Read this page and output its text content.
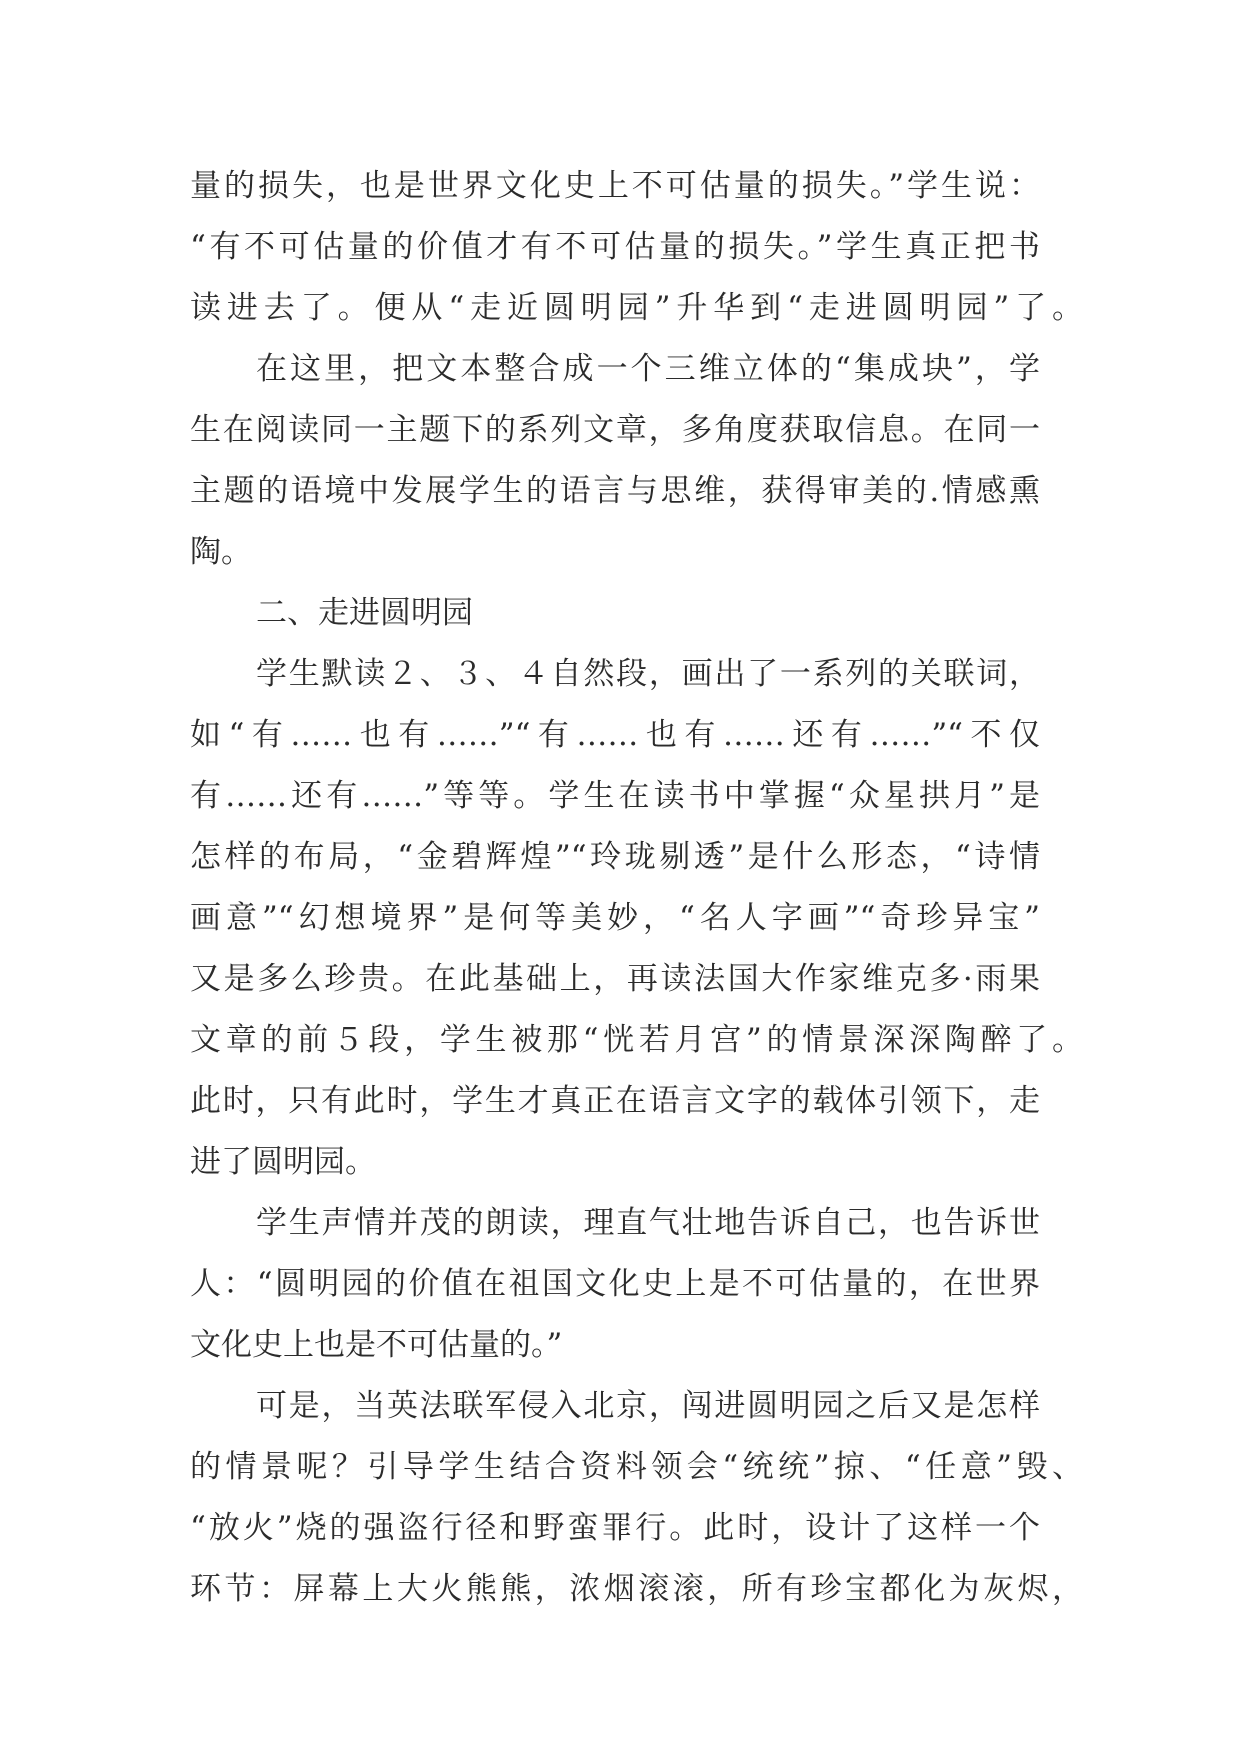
量的损失，也是世界文化史上不可估量的损失。”学生说：
“有不可估量的价值才有不可估量的损失。”学生真正把书
读进去了。便从“走近圆明园”升华到“走进圆明园”了。
在这里，把文本整合成一个三维立体的“集成块”，学
生在阅读同一主题下的系列文章，多角度获取信息。在同一
主题的语境中发展学生的语言与思维，获得审美的.情感熏
陶。
二、走进圆明园
学生默读２、３、４自然段，画出了一系列的关联词，
如“有……也有……”“有……也有……还有……”“不仅
有……还有……”等等。学生在读书中掌握“众星拱月”是
怎样的布局，“金碧辉煌”“玲珑剔透”是什么形态，“诗情
画意”“幻想境界”是何等美妙，“名人字画”“奇珍异宝”
又是多么珍贵。在此基础上，再读法国大作家维克多·雨果
文章的前５段，学生被那“恍若月宫”的情景深深陶醉了。
此时，只有此时，学生才真正在语言文字的载体引领下，走
进了圆明园。
学生声情并茂的朗读，理直气壮地告诉自己，也告诉世
人：“圆明园的价值在祖国文化史上是不可估量的，在世界
文化史上也是不可估量的。”
可是，当英法联军侵入北京，闯进圆明园之后又是怎样
的情景呢？引导学生结合资料领会“统统”掠、“任意”毁、
“放火”烧的强盗行径和野蛮罪行。此时，设计了这样一个
环节：屏幕上大火熊熊，浓烟滚滚，所有珍宝都化为灰烬，
